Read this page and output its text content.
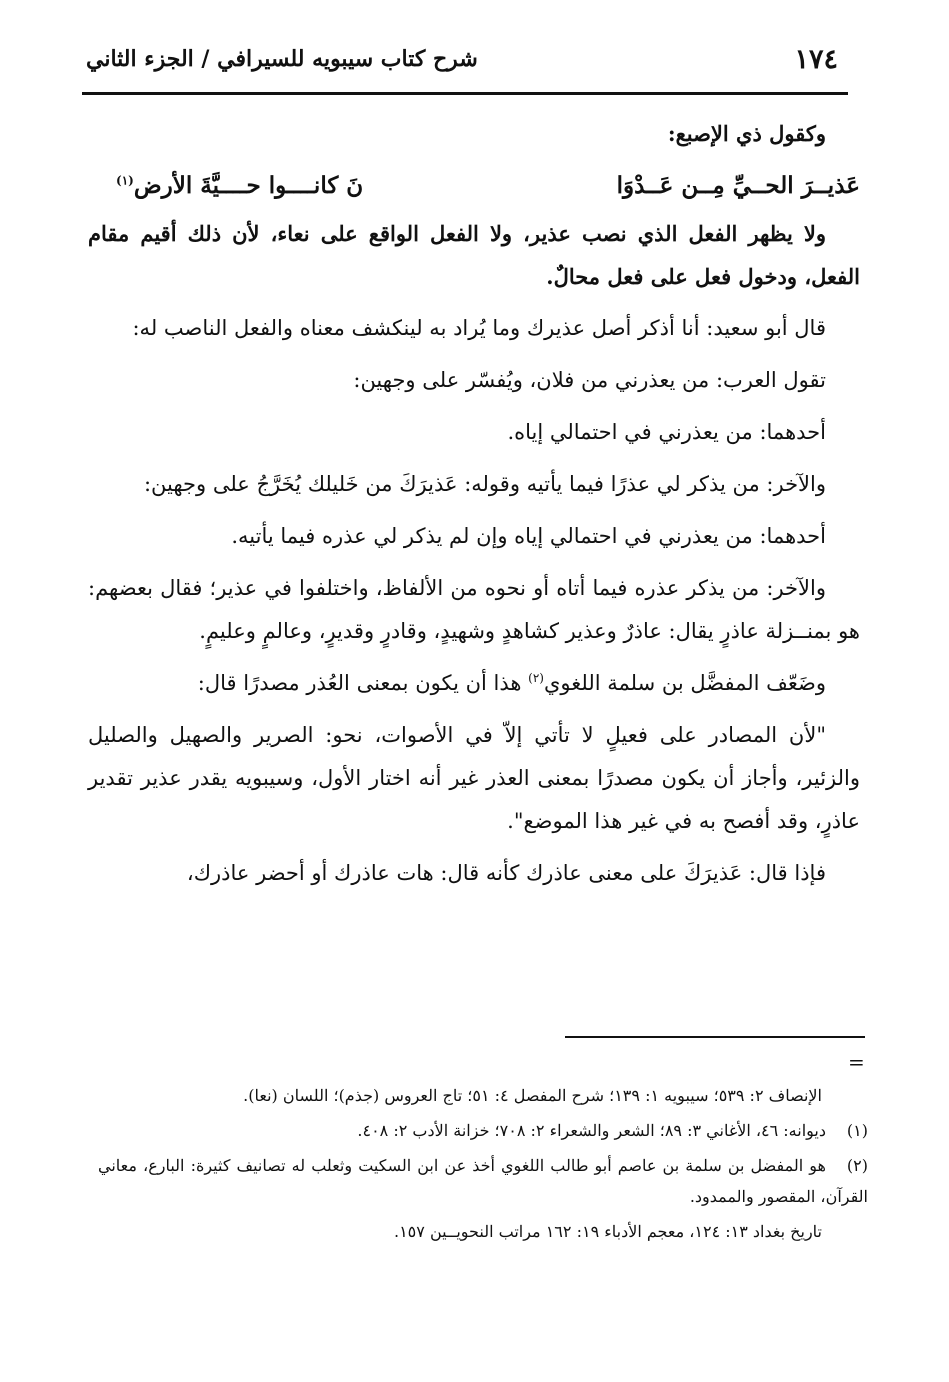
١٧٤
شرح كتاب سيبويه للسيرافي / الجزء الثاني

وكقول ذي الإصبع:

عَذيــرَ الحــيِّ مِــن عَــدْوَا
نَ كانــــوا حــــيَّةَ الأرض$^{(١)}$

ولا يظهر الفعل الذي نصب عذير، ولا الفعل الواقع على نعاء، لأن ذلك أقيم مقام الفعل، ودخول فعل على فعل محالٌ.

قال أبو سعيد: أنا أذكر أصل عذيرك وما يُراد به لينكشف معناه والفعل الناصب له:

تقول العرب: من يعذرني من فلان، ويُفسّر على وجهين:

أحدهما: من يعذرني في احتمالي إياه.

والآخر: من يذكر لي عذرًا فيما يأتيه وقوله: عَذيرَكَ من خَليلك يُخَرَّجُ على وجهين:

أحدهما: من يعذرني في احتمالي إياه وإن لم يذكر لي عذره فيما يأتيه.

والآخر: من يذكر عذره فيما أتاه أو نحوه من الألفاظ، واختلفوا في عذير؛ فقال بعضهم: هو بمنــزلة عاذرٍ يقال: عاذرٌ وعذير كشاهدٍ وشهيدٍ، وقادرٍ وقديرٍ، وعالمٍ وعليمٍ.

وضَعّف المفضَّل بن سلمة اللغوي$^{(٢)}$ هذا أن يكون بمعنى العُذر مصدرًا قال:

"لأن المصادر على فعيلٍ لا تأتي إلاّ في الأصوات، نحو: الصرير والصهيل والصليل والزئير، وأجاز أن يكون مصدرًا بمعنى العذر غير أنه اختار الأول، وسيبويه يقدر عذير تقدير عاذرٍ، وقد أفصح به في غير هذا الموضع".

فإذا قال: عَذيرَكَ على معنى عاذرك كأنه قال: هات عاذرك أو أحضر عاذرك،

=

الإنصاف ٢: ٥٣٩؛ سيبويه ١: ١٣٩؛ شرح المفصل ٤: ٥١؛ تاج العروس (جذم)؛ اللسان (نعا).

(١)ديوانه: ٤٦، الأغاني ٣: ٨٩؛ الشعر والشعراء ٢: ٧٠٨؛ خزانة الأدب ٢: ٤٠٨.

(٢)هو المفضل بن سلمة بن عاصم أبو طالب اللغوي أخذ عن ابن السكيت وثعلب له تصانيف كثيرة: البارع، معاني القرآن، المقصور والممدود.

تاريخ بغداد ١٣: ١٢٤، معجم الأدباء ١٩: ١٦٢ مراتب النحويــين ١٥٧.
